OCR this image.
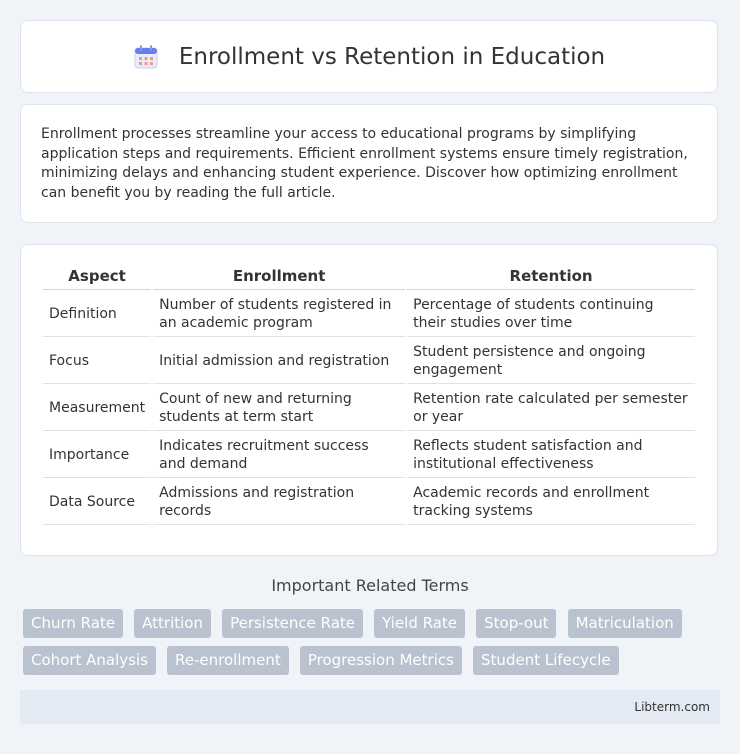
Enrollment vs Retention in Education

Enrollment processes streamline your access to educational programs by simplifying application steps and requirements. Efficient enrollment systems ensure timely registration, minimizing delays and enhancing student experience. Discover how optimizing enrollment can benefit you by reading the full article.

Aspect	Enrollment	Retention
Definition	Number of students registered in an academic program	Percentage of students continuing their studies over time
Focus	Initial admission and registration	Student persistence and ongoing engagement
Measurement	Count of new and returning students at term start	Retention rate calculated per semester or year
Importance	Indicates recruitment success and demand	Reflects student satisfaction and institutional effectiveness
Data Source	Admissions and registration records	Academic records and enrollment tracking systems
Important Related Terms
Churn Rate Attrition Persistence Rate Yield Rate Stop-out Matriculation Cohort Analysis Re-enrollment Progression Metrics Student Lifecycle
Libterm.com
